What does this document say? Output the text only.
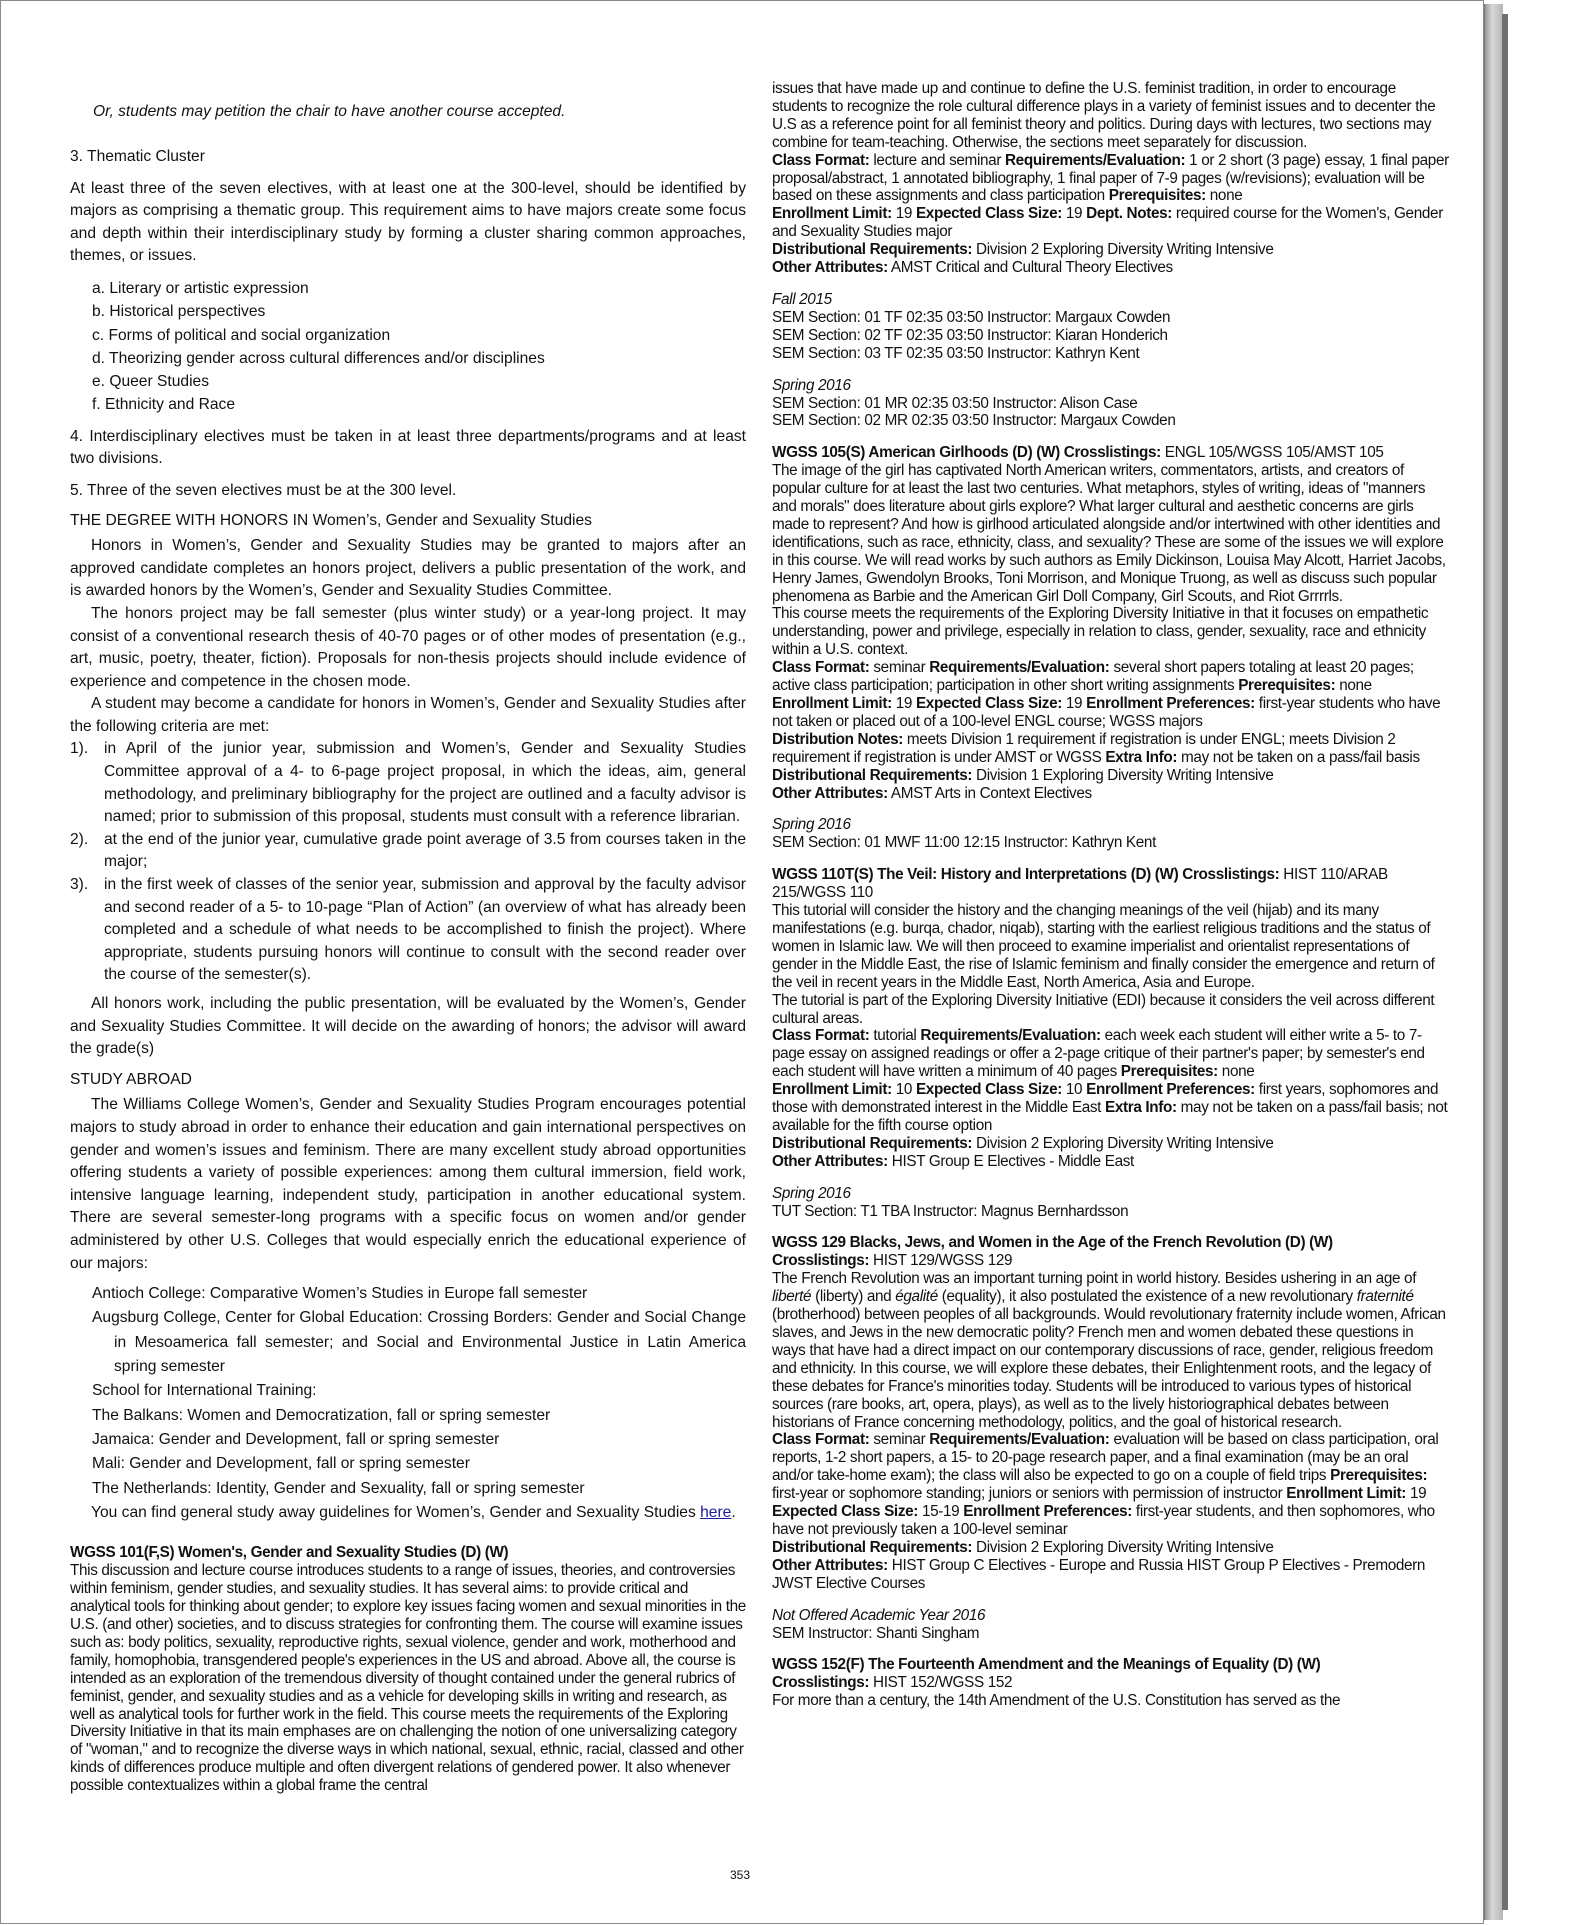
Or, students may petition the chair to have another course accepted.

3. Thematic Cluster

At least three of the seven electives, with at least one at the 300-level, should be identified by majors as comprising a thematic group. This requirement aims to have majors create some focus and depth within their interdisciplinary study by forming a cluster sharing common approaches, themes, or issues.

a. Literary or artistic expression
b. Historical perspectives
c. Forms of political and social organization
d. Theorizing gender across cultural differences and/or disciplines
e. Queer Studies
f. Ethnicity and Race

4. Interdisciplinary electives must be taken in at least three departments/programs and at least two divisions.

5. Three of the seven electives must be at the 300 level.

THE DEGREE WITH HONORS IN Women’s, Gender and Sexuality Studies

Honors in Women’s, Gender and Sexuality Studies may be granted to majors after an approved candidate completes an honors project, delivers a public presentation of the work, and is awarded honors by the Women’s, Gender and Sexuality Studies Committee.

The honors project may be fall semester (plus winter study) or a year-long project. It may consist of a conventional research thesis of 40-70 pages or of other modes of presentation (e.g., art, music, poetry, theater, fiction). Proposals for non-thesis projects should include evidence of experience and competence in the chosen mode.

A student may become a candidate for honors in Women’s, Gender and Sexuality Studies after the following criteria are met:

1).	in April of the junior year, submission and Women’s, Gender and Sexuality Studies Committee approval of a 4- to 6-page project proposal, in which the ideas, aim, general methodology, and preliminary bibliography for the project are outlined and a faculty advisor is named; prior to submission of this proposal, students must consult with a reference librarian.
2).	at the end of the junior year, cumulative grade point average of 3.5 from courses taken in the major;
3).	in the first week of classes of the senior year, submission and approval by the faculty advisor and second reader of a 5- to 10-page “Plan of Action” (an overview of what has already been completed and a schedule of what needs to be accomplished to finish the project). Where appropriate, students pursuing honors will continue to consult with the second reader over the course of the semester(s).

All honors work, including the public presentation, will be evaluated by the Women’s, Gender and Sexuality Studies Committee. It will decide on the awarding of honors; the advisor will award the grade(s)

STUDY ABROAD

The Williams College Women’s, Gender and Sexuality Studies Program encourages potential majors to study abroad in order to enhance their education and gain international perspectives on gender and women’s issues and feminism. There are many excellent study abroad opportunities offering students a variety of possible experiences: among them cultural immersion, field work, intensive language learning, independent study, participation in another educational system. There are several semester-long programs with a specific focus on women and/or gender administered by other U.S. Colleges that would especially enrich the educational experience of our majors:

Antioch College: Comparative Women’s Studies in Europe fall semester
Augsburg College, Center for Global Education: Crossing Borders: Gender and Social Change in Mesoamerica fall semester; and Social and Environmental Justice in Latin America spring semester
School for International Training:
The Balkans: Women and Democratization, fall or spring semester
Jamaica: Gender and Development, fall or spring semester
Mali: Gender and Development, fall or spring semester
The Netherlands: Identity, Gender and Sexuality, fall or spring semester

You can find general study away guidelines for Women’s, Gender and Sexuality Studies here.

WGSS 101(F,S) Women's, Gender and Sexuality Studies (D) (W)

This discussion and lecture course introduces students to a range of issues, theories, and controversies within feminism, gender studies, and sexuality studies. It has several aims: to provide critical and analytical tools for thinking about gender; to explore key issues facing women and sexual minorities in the U.S. (and other) societies, and to discuss strategies for confronting them. The course will examine issues such as: body politics, sexuality, reproductive rights, sexual violence, gender and work, motherhood and family, homophobia, transgendered people's experiences in the US and abroad. Above all, the course is intended as an exploration of the tremendous diversity of thought contained under the general rubrics of feminist, gender, and sexuality studies and as a vehicle for developing skills in writing and research, as well as analytical tools for further work in the field. This course meets the requirements of the Exploring Diversity Initiative in that its main emphases are on challenging the notion of one universalizing category of "woman," and to recognize the diverse ways in which national, sexual, ethnic, racial, classed and other kinds of differences produce multiple and often divergent relations of gendered power. It also whenever possible contextualizes within a global frame the central

issues that have made up and continue to define the U.S. feminist tradition, in order to encourage students to recognize the role cultural difference plays in a variety of feminist issues and to decenter the U.S as a reference point for all feminist theory and politics. During days with lectures, two sections may combine for team-teaching. Otherwise, the sections meet separately for discussion.

Class Format: lecture and seminar Requirements/Evaluation: 1 or 2 short (3 page) essay, 1 final paper proposal/abstract, 1 annotated bibliography, 1 final paper of 7-9 pages (w/revisions); evaluation will be based on these assignments and class participation Prerequisites: none

Enrollment Limit: 19 Expected Class Size: 19 Dept. Notes: required course for the Women's, Gender and Sexuality Studies major

Distributional Requirements: Division 2 Exploring Diversity Writing Intensive

Other Attributes: AMST Critical and Cultural Theory Electives

Fall 2015

SEM Section: 01 TF 02:35 03:50 Instructor: Margaux Cowden

SEM Section: 02 TF 02:35 03:50 Instructor: Kiaran Honderich

SEM Section: 03 TF 02:35 03:50 Instructor: Kathryn Kent

Spring 2016

SEM Section: 01 MR 02:35 03:50 Instructor: Alison Case

SEM Section: 02 MR 02:35 03:50 Instructor: Margaux Cowden

WGSS 105(S) American Girlhoods (D) (W) Crosslistings: ENGL 105/WGSS 105/AMST 105

The image of the girl has captivated North American writers, commentators, artists, and creators of popular culture for at least the last two centuries. What metaphors, styles of writing, ideas of "manners and morals" does literature about girls explore? What larger cultural and aesthetic concerns are girls made to represent? And how is girlhood articulated alongside and/or intertwined with other identities and identifications, such as race, ethnicity, class, and sexuality? These are some of the issues we will explore in this course. We will read works by such authors as Emily Dickinson, Louisa May Alcott, Harriet Jacobs, Henry James, Gwendolyn Brooks, Toni Morrison, and Monique Truong, as well as discuss such popular phenomena as Barbie and the American Girl Doll Company, Girl Scouts, and Riot Grrrrls.

This course meets the requirements of the Exploring Diversity Initiative in that it focuses on empathetic understanding, power and privilege, especially in relation to class, gender, sexuality, race and ethnicity within a U.S. context.

Class Format: seminar Requirements/Evaluation: several short papers totaling at least 20 pages; active class participation; participation in other short writing assignments Prerequisites: none Enrollment Limit: 19 Expected Class Size: 19 Enrollment Preferences: first-year students who have not taken or placed out of a 100-level ENGL course; WGSS majors

Distribution Notes: meets Division 1 requirement if registration is under ENGL; meets Division 2 requirement if registration is under AMST or WGSS Extra Info: may not be taken on a pass/fail basis

Distributional Requirements: Division 1 Exploring Diversity Writing Intensive

Other Attributes: AMST Arts in Context Electives

Spring 2016

SEM Section: 01 MWF 11:00 12:15 Instructor: Kathryn Kent

WGSS 110T(S) The Veil: History and Interpretations (D) (W) Crosslistings: HIST 110/ARAB 215/WGSS 110

This tutorial will consider the history and the changing meanings of the veil (hijab) and its many manifestations (e.g. burqa, chador, niqab), starting with the earliest religious traditions and the status of women in Islamic law. We will then proceed to examine imperialist and orientalist representations of gender in the Middle East, the rise of Islamic feminism and finally consider the emergence and return of the veil in recent years in the Middle East, North America, Asia and Europe.

The tutorial is part of the Exploring Diversity Initiative (EDI) because it considers the veil across different cultural areas.

Class Format: tutorial Requirements/Evaluation: each week each student will either write a 5- to 7-page essay on assigned readings or offer a 2-page critique of their partner's paper; by semester's end each student will have written a minimum of 40 pages Prerequisites: none

Enrollment Limit: 10 Expected Class Size: 10 Enrollment Preferences: first years, sophomores and those with demonstrated interest in the Middle East Extra Info: may not be taken on a pass/fail basis; not available for the fifth course option

Distributional Requirements: Division 2 Exploring Diversity Writing Intensive

Other Attributes: HIST Group E Electives - Middle East

Spring 2016

TUT Section: T1 TBA Instructor: Magnus Bernhardsson

WGSS 129 Blacks, Jews, and Women in the Age of the French Revolution (D) (W)

Crosslistings: HIST 129/WGSS 129

The French Revolution was an important turning point in world history. Besides ushering in an age of liberté (liberty) and égalité (equality), it also postulated the existence of a new revolutionary fraternité (brotherhood) between peoples of all backgrounds. Would revolutionary fraternity include women, African slaves, and Jews in the new democratic polity? French men and women debated these questions in ways that have had a direct impact on our contemporary discussions of race, gender, religious freedom and ethnicity. In this course, we will explore these debates, their Enlightenment roots, and the legacy of these debates for France's minorities today. Students will be introduced to various types of historical sources (rare books, art, opera, plays), as well as to the lively historiographical debates between historians of France concerning methodology, politics, and the goal of historical research.

Class Format: seminar Requirements/Evaluation: evaluation will be based on class participation, oral reports, 1-2 short papers, a 15- to 20-page research paper, and a final examination (may be an oral and/or take-home exam); the class will also be expected to go on a couple of field trips Prerequisites: first-year or sophomore standing; juniors or seniors with permission of instructor Enrollment Limit: 19 Expected Class Size: 15-19 Enrollment Preferences: first-year students, and then sophomores, who have not previously taken a 100-level seminar

Distributional Requirements: Division 2 Exploring Diversity Writing Intensive

Other Attributes: HIST Group C Electives - Europe and Russia HIST Group P Electives - Premodern JWST Elective Courses

Not Offered Academic Year 2016

SEM Instructor: Shanti Singham

WGSS 152(F) The Fourteenth Amendment and the Meanings of Equality (D) (W)

Crosslistings: HIST 152/WGSS 152

For more than a century, the 14th Amendment of the U.S. Constitution has served as the

353
